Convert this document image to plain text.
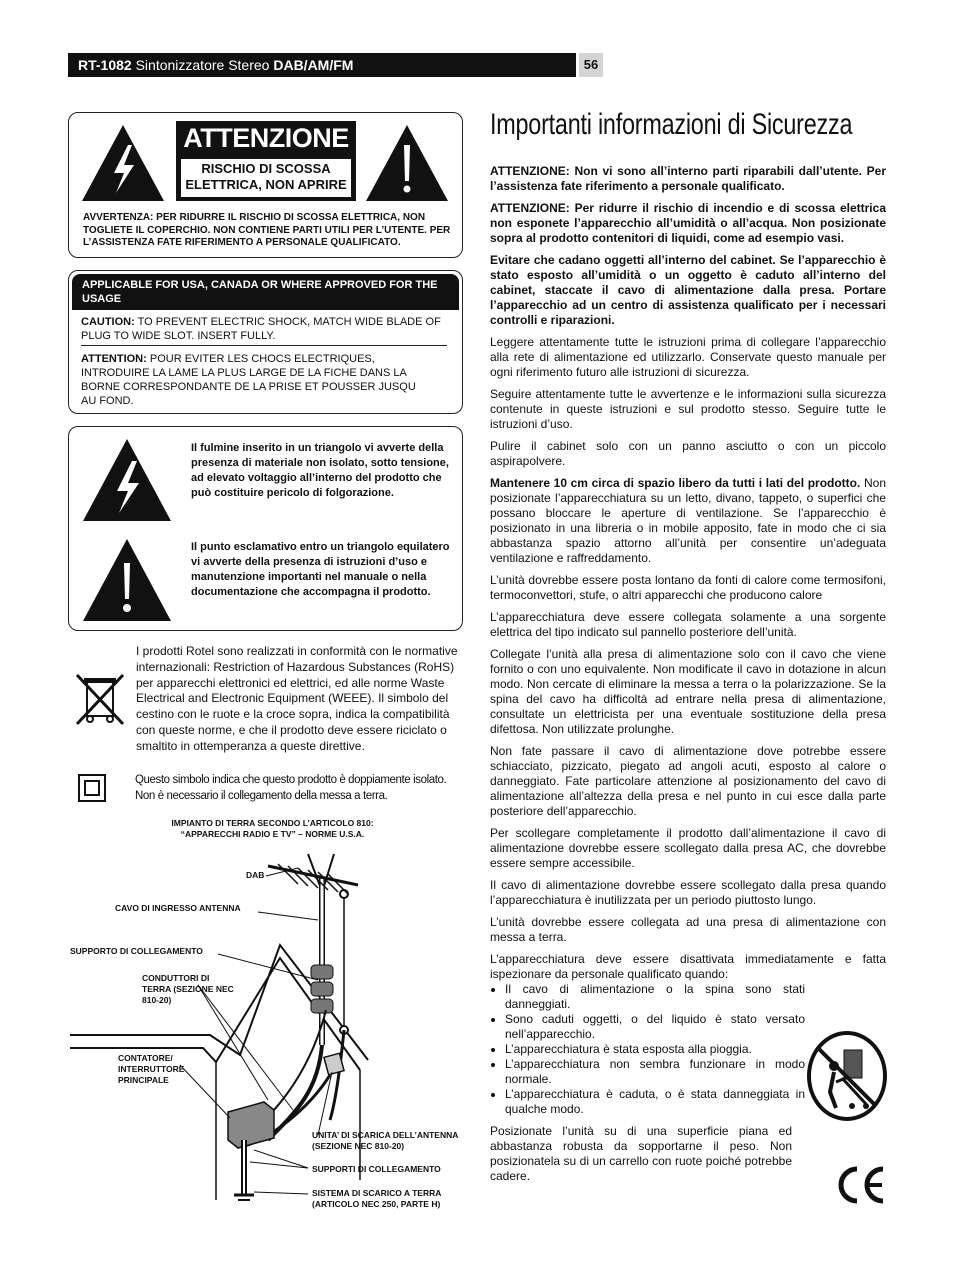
RT-1082 Sintonizzatore Stereo DAB/AM/FM	56
ATTENZIONE
RISCHIO DI SCOSSA ELETTRICA, NON APRIRE
AVVERTENZA: PER RIDURRE IL RISCHIO DI SCOSSA ELETTRICA, NON TOGLIETE IL COPERCHIO. NON CONTIENE PARTI UTILI PER L’UTENTE. PER L’ASSISTENZA FATE RIFERIMENTO A PERSONALE QUALIFICATO.
APPLICABLE FOR USA, CANADA OR WHERE APPROVED FOR THE USAGE
CAUTION: TO PREVENT ELECTRIC SHOCK, MATCH WIDE BLADE OF PLUG TO WIDE SLOT. INSERT FULLY.
ATTENTION: POUR EVITER LES CHOCS ELECTRIQUES, INTRODUIRE LA LAME LA PLUS LARGE DE LA FICHE DANS LA BORNE CORRESPONDANTE DE LA PRISE ET POUSSER JUSQU AU FOND.
Il fulmine inserito in un triangolo vi avverte della presenza di materiale non isolato, sotto tensione, ad elevato voltaggio all’interno del prodotto che può costituire pericolo di folgorazione.
Il punto esclamativo entro un triangolo equilatero vi avverte della presenza di istruzioni d’uso e manutenzione importanti nel manuale o nella documentazione che accompagna il prodotto.
I prodotti Rotel sono realizzati in conformità con le normative internazionali: Restriction of Hazardous Substances (RoHS) per apparecchi elettronici ed elettrici, ed alle norme Waste Electrical and Electronic Equipment (WEEE). Il simbolo del cestino con le ruote e la croce sopra, indica la compatibilità con queste norme, e che il prodotto deve essere riciclato o smaltito in ottemperanza a queste direttive.
Questo simbolo indica che questo prodotto è doppiamente isolato. Non è necessario il collegamento della messa a terra.
IMPIANTO DI TERRA SECONDO L’ARTICOLO 810: “APPARECCHI RADIO E TV” – NORME U.S.A.
DAB
CAVO DI INGRESSO ANTENNA
SUPPORTO DI COLLEGAMENTO
CONDUTTORI DI TERRA (SEZIONE NEC 810-20)
CONTATORE/ INTERRUTTORE PRINCIPALE
UNITA’ DI SCARICA DELL’ANTENNA (SEZIONE NEC 810-20)
SUPPORTI DI COLLEGAMENTO
SISTEMA DI SCARICO A TERRA (ARTICOLO NEC 250, PARTE H)
Importanti informazioni di Sicurezza

ATTENZIONE: Non vi sono all’interno parti riparabili dall’utente. Per l’assistenza fate riferimento a personale qualificato.

ATTENZIONE: Per ridurre il rischio di incendio e di scossa elettrica non esponete l’apparecchio all’umidità o all’acqua. Non posizionate sopra al prodotto contenitori di liquidi, come ad esempio vasi.

Evitare che cadano oggetti all’interno del cabinet. Se l’apparecchio è stato esposto all’umidità o un oggetto è caduto all’interno del cabinet, staccate il cavo di alimentazione dalla presa. Portare l’apparecchio ad un centro di assistenza qualificato per i necessari controlli e riparazioni.

Leggere attentamente tutte le istruzioni prima di collegare l’apparecchio alla rete di alimentazione ed utilizzarlo. Conservate questo manuale per ogni riferimento futuro alle istruzioni di sicurezza.

Seguire attentamente tutte le avvertenze e le informazioni sulla sicurezza contenute in queste istruzioni e sul prodotto stesso. Seguire tutte le istruzioni d’uso.

Pulire il cabinet solo con un panno asciutto o con un piccolo aspirapolvere.

Mantenere 10 cm circa di spazio libero da tutti i lati del prodotto. Non posizionate l’apparecchiatura su un letto, divano, tappeto, o superfici che possano bloccare le aperture di ventilazione. Se l’apparecchio è posizionato in una libreria o in mobile apposito, fate in modo che ci sia abbastanza spazio attorno all’unità per consentire un’adeguata ventilazione e raffreddamento.

L’unità dovrebbe essere posta lontano da fonti di calore come termosifoni, termoconvettori, stufe, o altri apparecchi che producono calore

L’apparecchiatura deve essere collegata solamente a una sorgente elettrica del tipo indicato sul pannello posteriore dell’unità.

Collegate l’unità alla presa di alimentazione solo con il cavo che viene fornito o con uno equivalente. Non modificate il cavo in dotazione in alcun modo. Non cercate di eliminare la messa a terra o la polarizzazione. Se la spina del cavo ha difficoltà ad entrare nella presa di alimentazione, consultate un elettricista per una eventuale sostituzione della presa difettosa. Non utilizzate prolunghe.

Non fate passare il cavo di alimentazione dove potrebbe essere schiacciato, pizzicato, piegato ad angoli acuti, esposto al calore o danneggiato. Fate particolare attenzione al posizionamento del cavo di alimentazione all’altezza della presa e nel punto in cui esce dalla parte posteriore dell’apparecchio.

Per scollegare completamente il prodotto dall’alimentazione il cavo di alimentazione dovrebbe essere scollegato dalla presa AC, che dovrebbe essere sempre accessibile.

Il cavo di alimentazione dovrebbe essere scollegato dalla presa quando l’apparecchiatura è inutilizzata per un periodo piuttosto lungo.

L’unità dovrebbe essere collegata ad una presa di alimentazione con messa a terra.

L’apparecchiatura deve essere disattivata immediatamente e fatta ispezionare da personale qualificato quando:

• Il cavo di alimentazione o la spina sono stati danneggiati.
• Sono caduti oggetti, o del liquido è stato versato nell’apparecchio.
• L’apparecchiatura è stata esposta alla pioggia.
• L’apparecchiatura non sembra funzionare in modo normale.
• L’apparecchiatura è caduta, o è stata danneggiata in qualche modo.

Posizionate l’unità su di una superficie piana ed abbastanza robusta da sopportarne il peso. Non posizionatela su di un carrello con ruote poiché potrebbe cadere.
